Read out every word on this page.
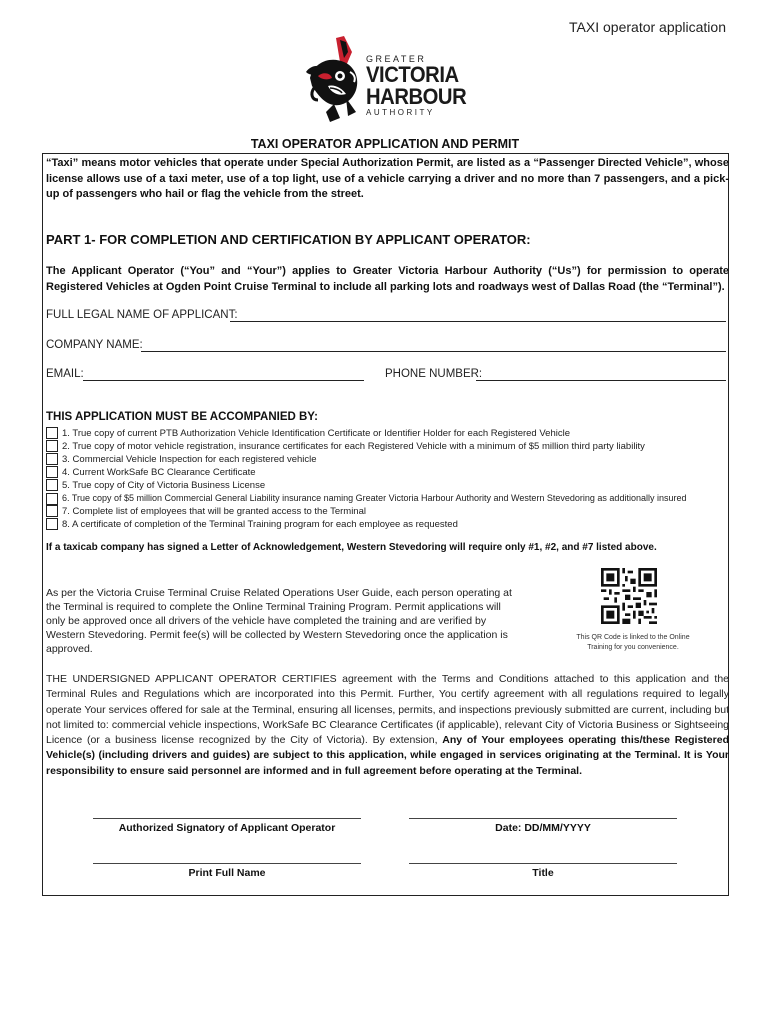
TAXI operator application
GREATER
VICTORIA
HARBOUR
AUTHORITY
TAXI OPERATOR APPLICATION AND PERMIT
“Taxi” means motor vehicles that operate under Special Authorization Permit, are listed as a “Passenger Directed Vehicle”, whose license allows use of a taxi meter, use of a top light, use of a vehicle carrying a driver and no more than 7 passengers, and a pick- up of passengers who hail or flag the vehicle from the street.
PART 1- FOR COMPLETION AND CERTIFICATION BY APPLICANT OPERATOR:
The Applicant Operator (“You” and “Your”) applies to Greater Victoria Harbour Authority (“Us”) for permission to operate Registered Vehicles at Ogden Point Cruise Terminal to include all parking lots and roadways west of Dallas Road (the “Terminal”).
FULL LEGAL NAME OF APPLICANT:
COMPANY NAME:
EMAIL:	PHONE NUMBER:
THIS APPLICATION MUST BE ACCOMPANIED BY:
1. True copy of current PTB Authorization Vehicle Identification Certificate or Identifier Holder for each Registered Vehicle
2. True copy of motor vehicle registration, insurance certificates for each Registered Vehicle with a minimum of $5 million third party liability
3. Commercial Vehicle Inspection for each registered vehicle
4. Current WorkSafe BC Clearance Certificate
5. True copy of City of Victoria Business License
6. True copy of $5 million Commercial General Liability insurance naming Greater Victoria Harbour Authority and Western Stevedoring as additionally insured
7. Complete list of employees that will be granted access to the Terminal
8. A certificate of completion of the Terminal Training program for each employee as requested
If a taxicab company has signed a Letter of Acknowledgement, Western Stevedoring will require only #1, #2, and #7 listed above.
As per the Victoria Cruise Terminal Cruise Related Operations User Guide, each person operating at the Terminal is required to complete the Online Terminal Training Program. Permit applications will only be approved once all drivers of the vehicle have completed the training and are verified by Western Stevedoring. Permit fee(s) will be collected by Western Stevedoring once the application is approved.
This QR Code is linked to the Online Training for you convenience.
THE UNDERSIGNED APPLICANT OPERATOR CERTIFIES agreement with the Terms and Conditions attached to this application and the Terminal Rules and Regulations which are incorporated into this Permit. Further, You certify agreement with all regulations required to legally operate Your services offered for sale at the Terminal, ensuring all licenses, permits, and inspections previously submitted are current, including but not limited to: commercial vehicle inspections, WorkSafe BC Clearance Certificates (if applicable), relevant City of Victoria Business or Sightseeing Licence (or a business license recognized by the City of Victoria). By extension, Any of Your employees operating this/these Registered Vehicle(s) (including drivers and guides) are subject to this application, while engaged in services originating at the Terminal. It is Your responsibility to ensure said personnel are informed and in full agreement before operating at the Terminal.
Authorized Signatory of Applicant Operator	Date: DD/MM/YYYY
Print Full Name	Title
